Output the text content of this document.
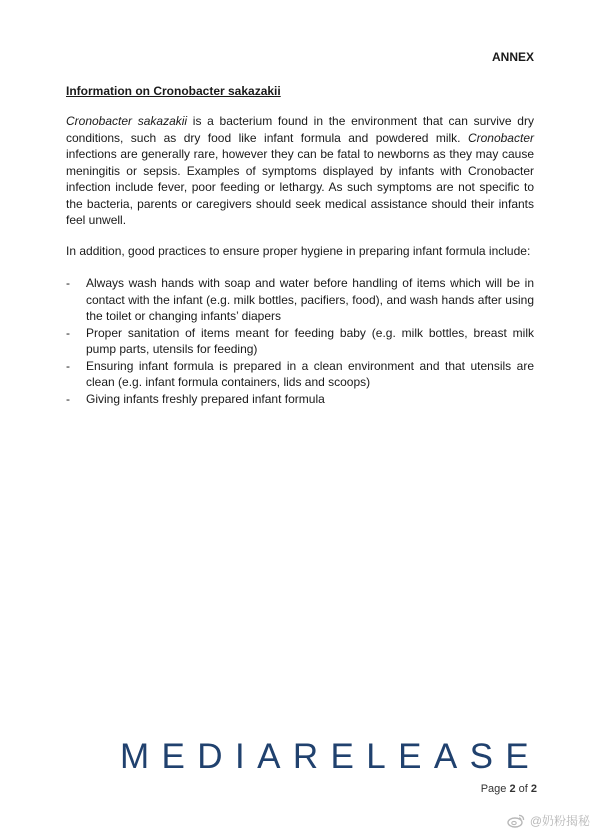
ANNEX
Information on Cronobacter sakazakii
Cronobacter sakazakii is a bacterium found in the environment that can survive dry conditions, such as dry food like infant formula and powdered milk. Cronobacter infections are generally rare, however they can be fatal to newborns as they may cause meningitis or sepsis. Examples of symptoms displayed by infants with Cronobacter infection include fever, poor feeding or lethargy. As such symptoms are not specific to the bacteria, parents or caregivers should seek medical assistance should their infants feel unwell.
In addition, good practices to ensure proper hygiene in preparing infant formula include:
- Always wash hands with soap and water before handling of items which will be in contact with the infant (e.g. milk bottles, pacifiers, food), and wash hands after using the toilet or changing infants’ diapers
- Proper sanitation of items meant for feeding baby (e.g. milk bottles, breast milk pump parts, utensils for feeding)
- Ensuring infant formula is prepared in a clean environment and that utensils are clean (e.g. infant formula containers, lids and scoops)
- Giving infants freshly prepared infant formula
MEDIARELEASE
Page 2 of 2
@奶粉揭秘
